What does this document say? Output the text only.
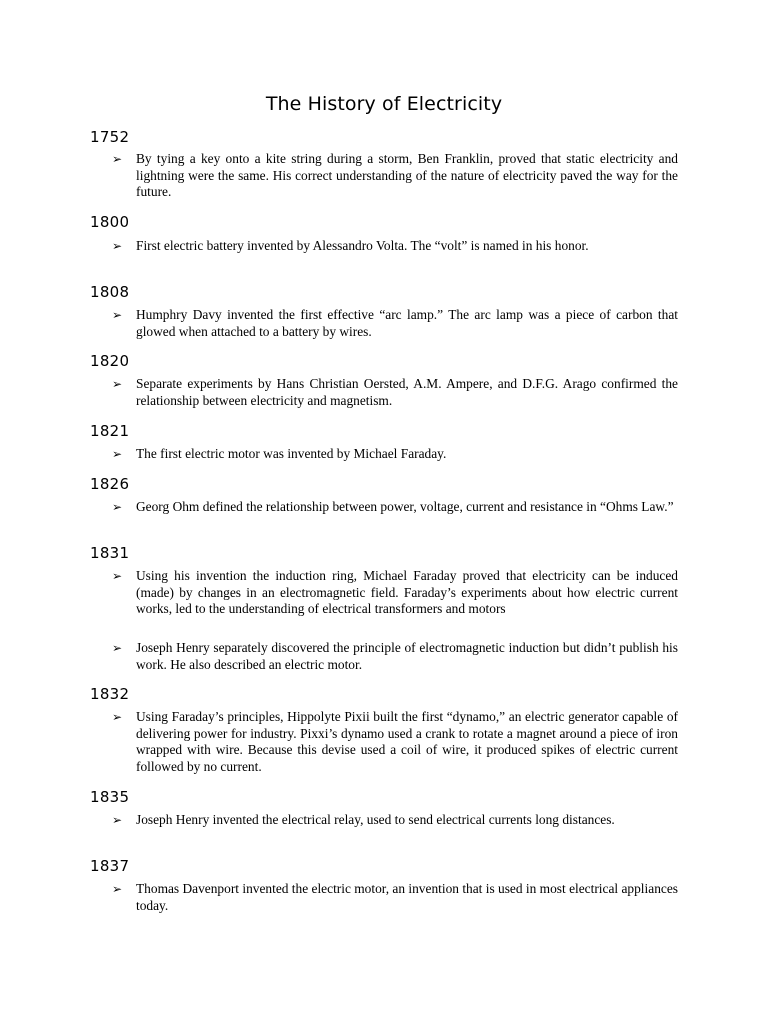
The History of Electricity
1752

➢	By tying a key onto a kite string during a storm, Ben Franklin, proved that static electricity and lightning were the same. His correct understanding of the nature of electricity paved the way for the future.

1800

➢	First electric battery invented by Alessandro Volta. The “volt” is named in his honor.

1808

➢	Humphry Davy invented the first effective “arc lamp.” The arc lamp was a piece of carbon that glowed when attached to a battery by wires.

1820

➢	Separate experiments by Hans Christian Oersted, A.M. Ampere, and D.F.G. Arago confirmed the relationship between electricity and magnetism.

1821

➢	The first electric motor was invented by Michael Faraday.

1826

➢	Georg Ohm defined the relationship between power, voltage, current and resistance in “Ohms Law.”

1831

➢	Using his invention the induction ring, Michael Faraday proved that electricity can be induced (made) by changes in an electromagnetic field. Faraday’s experiments about how electric current works, led to the understanding of electrical transformers and motors

➢	Joseph Henry separately discovered the principle of electromagnetic induction but didn’t publish his work. He also described an electric motor.

1832

➢	Using Faraday’s principles, Hippolyte Pixii built the first “dynamo,” an electric generator capable of delivering power for industry. Pixxi’s dynamo used a crank to rotate a magnet around a piece of iron wrapped with wire. Because this devise used a coil of wire, it produced spikes of electric current followed by no current.

1835

➢	Joseph Henry invented the electrical relay, used to send electrical currents long distances.

1837

➢	Thomas Davenport invented the electric motor, an invention that is used in most electrical appliances today.
